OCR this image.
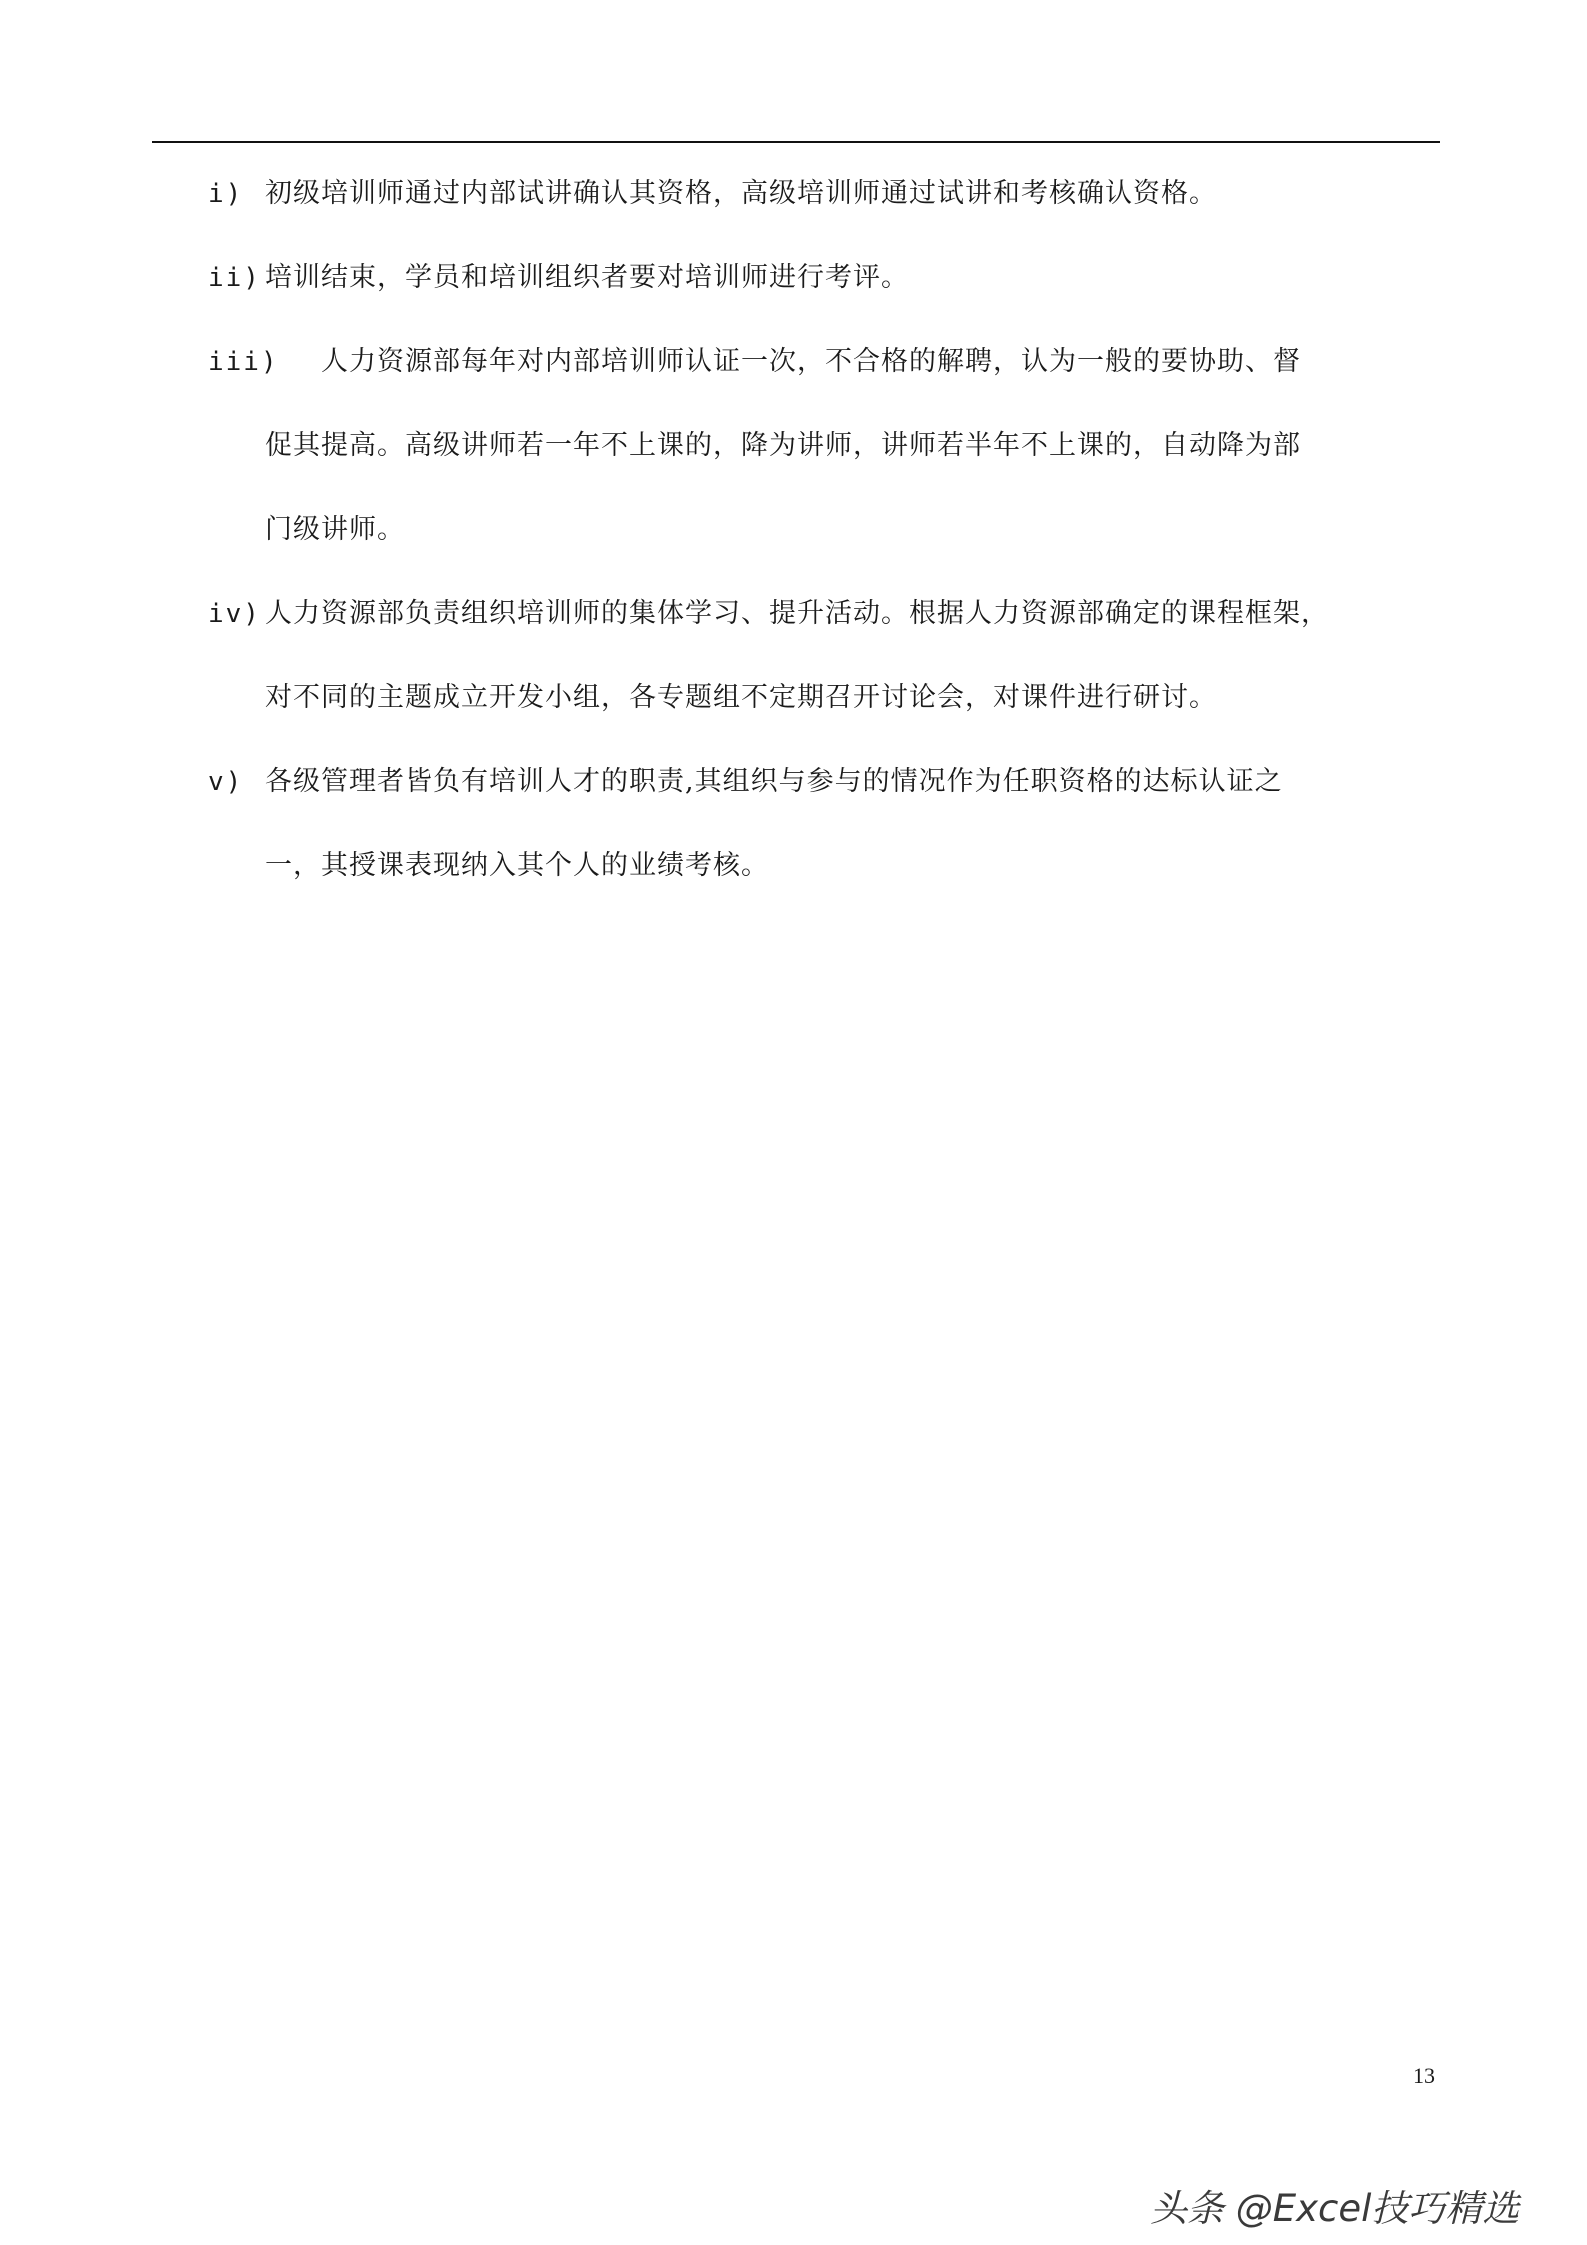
i) 初级培训师通过内部试讲确认其资格，高级培训师通过试讲和考核确认资格。
ii) 培训结束，学员和培训组织者要对培训师进行考评。
iii)	人力资源部每年对内部培训师认证一次，不合格的解聘，认为一般的要协助、督
促其提高。高级讲师若一年不上课的，降为讲师，讲师若半年不上课的，自动降为部
门级讲师。
iv) 人力资源部负责组织培训师的集体学习、提升活动。根据人力资源部确定的课程框架，
对不同的主题成立开发小组，各专题组不定期召开讨论会，对课件进行研讨。
v) 各级管理者皆负有培训人才的职责,其组织与参与的情况作为任职资格的达标认证之
一，其授课表现纳入其个人的业绩考核。
13
头条 @Excel技巧精选
